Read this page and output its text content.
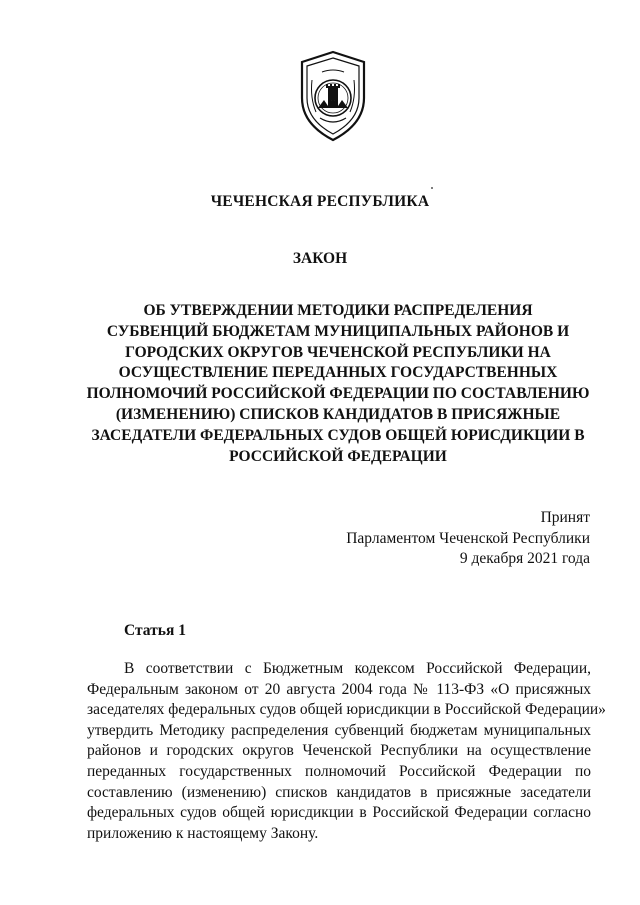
ЧЕЧЕНСКАЯ РЕСПУБЛИКА
ЗАКОН
ОБ УТВЕРЖДЕНИИ МЕТОДИКИ РАСПРЕДЕЛЕНИЯ
СУБВЕНЦИЙ БЮДЖЕТАМ МУНИЦИПАЛЬНЫХ РАЙОНОВ И
ГОРОДСКИХ ОКРУГОВ ЧЕЧЕНСКОЙ РЕСПУБЛИКИ НА
ОСУЩЕСТВЛЕНИЕ ПЕРЕДАННЫХ ГОСУДАРСТВЕННЫХ
ПОЛНОМОЧИЙ РОССИЙСКОЙ ФЕДЕРАЦИИ ПО СОСТАВЛЕНИЮ
(ИЗМЕНЕНИЮ) СПИСКОВ КАНДИДАТОВ В ПРИСЯЖНЫЕ
ЗАСЕДАТЕЛИ ФЕДЕРАЛЬНЫХ СУДОВ ОБЩЕЙ ЮРИСДИКЦИИ В
РОССИЙСКОЙ ФЕДЕРАЦИИ
Принят
Парламентом Чеченской Республики
9 декабря 2021 года
Статья 1
В соответствии с Бюджетным кодексом Российской Федерации,
Федеральным законом от 20 августа 2004 года № 113-ФЗ «О присяжных
заседателях федеральных судов общей юрисдикции в Российской Федерации»
утвердить Методику распределения субвенций бюджетам муниципальных
районов и городских округов Чеченской Республики на осуществление
переданных государственных полномочий Российской Федерации по
составлению (изменению) списков кандидатов в присяжные заседатели
федеральных судов общей юрисдикции в Российской Федерации согласно
приложению к настоящему Закону.
